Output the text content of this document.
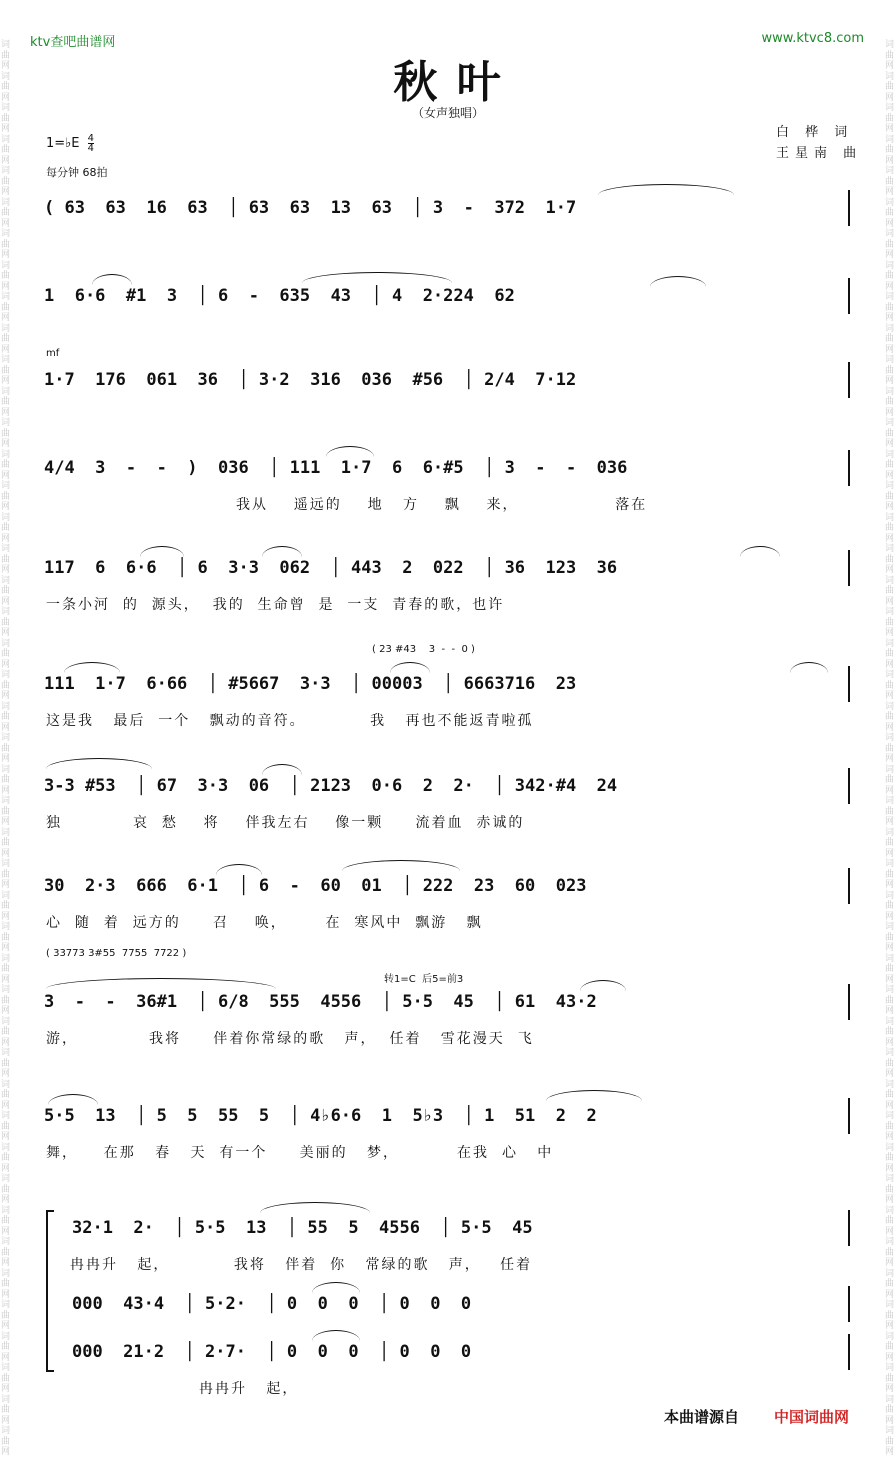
词曲网词曲网词曲网词曲网词曲网词曲网词曲网词曲网词曲网词曲网词曲网词曲网词曲网词曲网词曲网词曲网词曲网词曲网词曲网词曲网词曲网词曲网词曲网词曲网词曲网词曲网词曲网词曲网词曲网词曲网词曲网词曲网词曲网词曲网词曲网词曲网词曲网词曲网词曲网词曲网词曲网词曲网词曲网词曲网词曲网
词曲网词曲网词曲网词曲网词曲网词曲网词曲网词曲网词曲网词曲网词曲网词曲网词曲网词曲网词曲网词曲网词曲网词曲网词曲网词曲网词曲网词曲网词曲网词曲网词曲网词曲网词曲网词曲网词曲网词曲网词曲网词曲网词曲网词曲网词曲网词曲网词曲网词曲网词曲网词曲网词曲网词曲网词曲网词曲网词曲网
ktv查吧曲谱网	www.ktvc8.com
秋 叶
（女声独唱）
白 桦 词
王星南 曲
1=♭E $\frac{4}{4}$
每分钟 68拍
( 63  63  16  63  │ 63  63  13  63  │ 3  -  372  1·7
1  6·6  #1  3  │ 6  -  635  43  │ 4  2·224  62
mf
1·7  176  061  36  │ 3·2  316  036  #56  │ 2/4  7·12
4/4  3  -  -  )  036  │ 111  1·7  6  6·#5  │ 3  -  -  036
我从    遥远的    地   方    飘    来，               落在
117  6  6·6  │ 6  3·3  062  │ 443  2  022  │ 36  123  36
一条小河  的  源头，  我的  生命曾  是  一支  青春的歌，也许
( 23 #43    3  -  -  0 )
111  1·7  6·66  │ #5667  3·3  │ 00003  │ 6663716  23
这是我   最后  一个   飘动的音符。          我   再也不能返青啦孤
3-3 #53  │ 67  3·3  06  │ 2123  0·6  2  2·  │ 342·#4  24
独           哀  愁    将    伴我左右    像一颗     流着血  赤诚的
30  2·3  666  6·1  │ 6  -  60  01  │ 222  23  60  023
心  随  着  远方的     召    唤，      在  寒风中  飘游   飘
( 33773 3#55  7755  7722 )
转1=C  后5=前3
3  -  -  36#1  │ 6/8  555  4556  │ 5·5  45  │ 61  43·2
游，           我将     伴着你常绿的歌   声，  任着   雪花漫天  飞
5·5  13  │ 5  5  55  5  │ 4♭6·6  1  5♭3  │ 1  51  2  2
舞，    在那   春   天  有一个     美丽的   梦，         在我  心   中
32·1  2·  │ 5·5  13  │ 55  5  4556  │ 5·5  45
冉冉升   起，          我将   伴着  你   常绿的歌   声，   任着
000  43·4  │ 5·2·  │ 0  0  0  │ 0  0  0
000  21·2  │ 2·7·  │ 0  0  0  │ 0  0  0
冉冉升   起，
本曲谱源自 中国词曲网
